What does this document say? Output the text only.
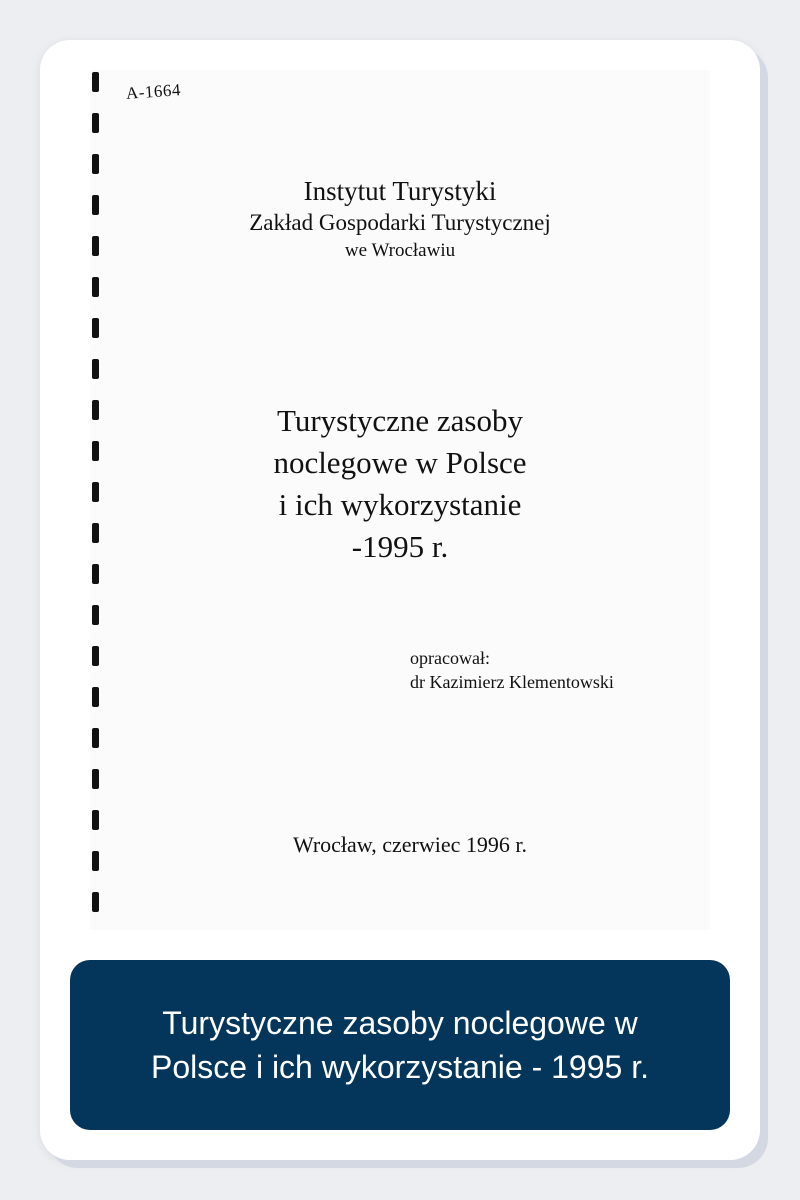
A-1664
Instytut Turystyki
Zakład Gospodarki Turystycznej
we Wrocławiu
Turystyczne zasoby
noclegowe w Polsce
i ich wykorzystanie
-1995 r.
opracował:
dr Kazimierz Klementowski
Wrocław, czerwiec 1996 r.
Turystyczne zasoby noclegowe w
Polsce i ich wykorzystanie - 1995 r.
